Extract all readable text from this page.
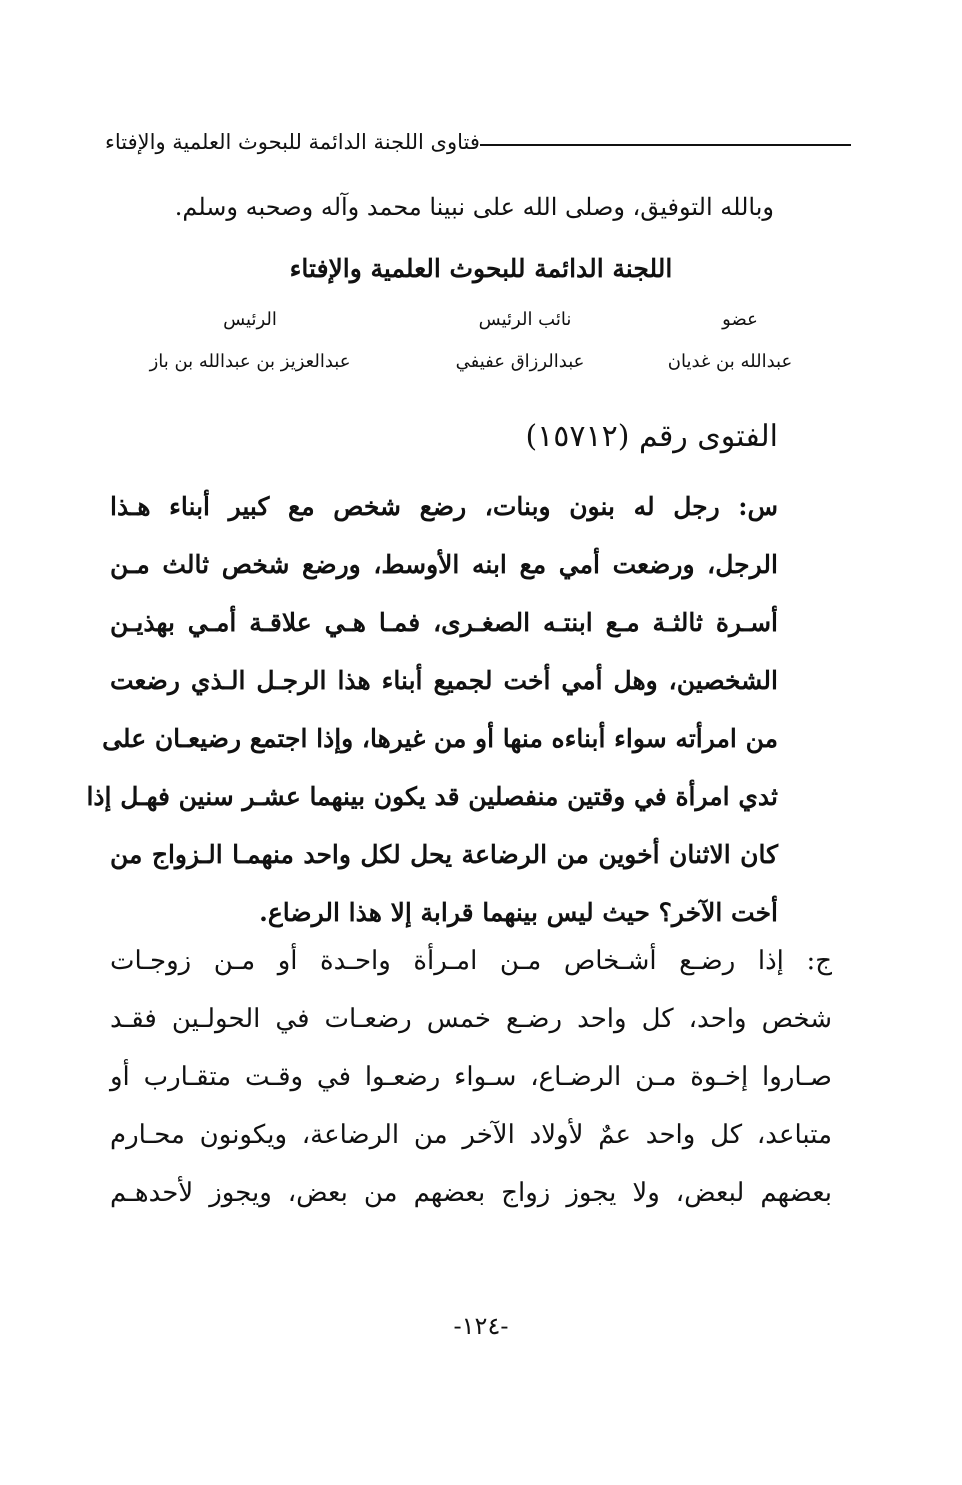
فتاوى اللجنة الدائمة للبحوث العلمية والإفتاء
وبالله التوفيق، وصلى الله على نبينا محمد وآله وصحبه وسلم.
اللجنة الدائمة للبحوث العلمية والإفتاء
عضو
نائب الرئيس
الرئيس
عبدالله بن غديان
عبدالرزاق عفيفي
عبدالعزيز بن عبدالله بن باز
الفتوى رقم (١٥٧١٢)
س: رجل له بنون وبنات، رضع شخص مع كبير أبناء هـذا
الرجل، ورضعت أمي مع ابنه الأوسط، ورضع شخص ثالث مـن
أسـرة ثالثـة مـع ابنتـه الصغـرى، فمـا هـي علاقـة أمـي بهذيـن
الشخصين، وهل أمي أخت لجميع أبناء هذا الرجـل الـذي رضعت
من امرأته سواء أبناءه منها أو من غيرها، وإذا اجتمع رضيعـان على
ثدي امرأة في وقتين منفصلين قد يكون بينهما عشـر سنين فهـل إذا
كان الاثنان أخوين من الرضاعة يحل لكل واحد منهمـا الـزواج من
أخت الآخر؟ حيث ليس بينهما قرابة إلا هذا الرضاع.
ج: إذا رضـع أشـخاص مـن امـرأة واحـدة أو مـن زوجـات
شخص واحد، كل واحد رضـع خمس رضعـات في الحولـين فقـد
صـاروا إخـوة مـن الرضـاع، سـواء رضعـوا في وقـت متقـارب أو
متباعد، كل واحد عمٌ لأولاد الآخر من الرضاعة، ويكونون محـارم
بعضهم لبعض، ولا يجوز زواج بعضهم من بعض، ويجوز لأحدهـم
-١٢٤-
